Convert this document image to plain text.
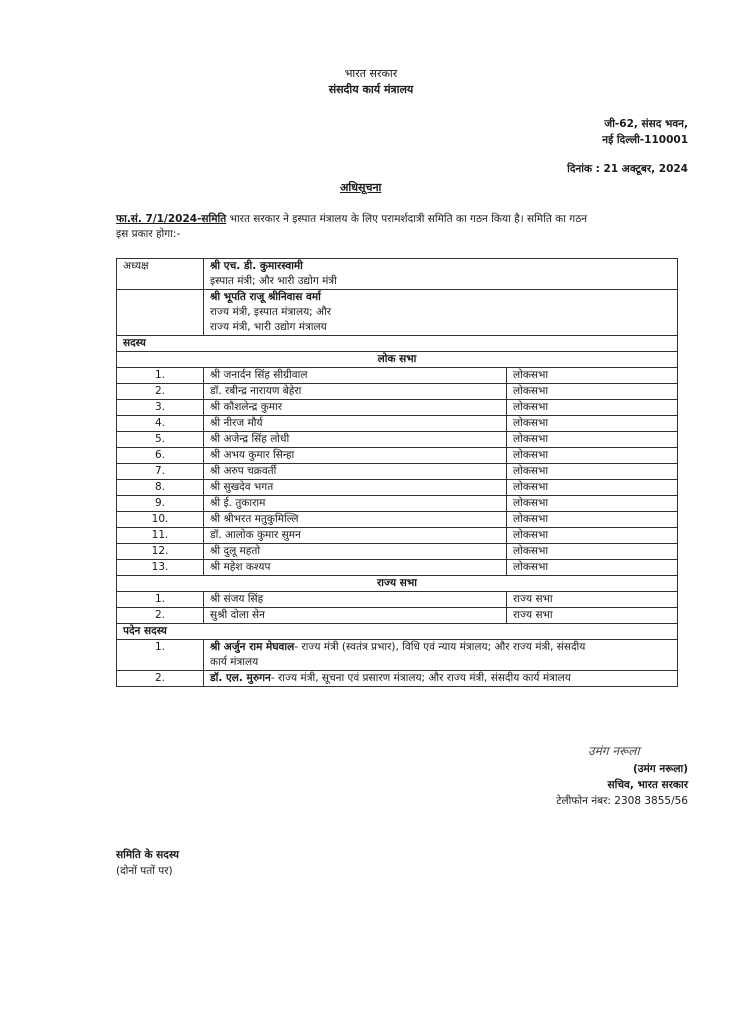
भारत सरकार
संसदीय कार्य मंत्रालय
जी-62, संसद भवन,
नई दिल्ली-110001
दिनांक : 21 अक्टूबर, 2024
अधिसूचना
फा.सं. 7/1/2024-समिति भारत सरकार ने इस्पात मंत्रालय के लिए परामर्शदात्री समिति का गठन किया है। समिति का गठन
इस प्रकार होगा:-
अध्यक्ष	श्री एच. डी. कुमारस्वामी
इस्पात मंत्री; और भारी उद्योग मंत्री	

	श्री भूपति राजू श्रीनिवास वर्मा
राज्य मंत्री, इस्पात मंत्रालय; और
राज्य मंत्री, भारी उद्योग मंत्रालय	

सदस्य		
लोक सभा		
1.	श्री जनार्दन सिंह सीग्रीवाल	लोकसभा
2.	डॉ. रबीन्द्र नारायण बेहेरा	लोकसभा
3.	श्री कौशलेन्द्र कुमार	लोकसभा
4.	श्री नीरज मौर्य	लोकसभा
5.	श्री अजेन्द्र सिंह लोधी	लोकसभा
6.	श्री अभय कुमार सिन्हा	लोकसभा
7.	श्री अरुप चक्रवर्ती	लोकसभा
8.	श्री सुखदेव भगत	लोकसभा
9.	श्री ई. तुकाराम	लोकसभा
10.	श्री श्रीभरत मतुकुमिल्लि	लोकसभा
11.	डॉ. आलोक कुमार सुमन	लोकसभा
12.	श्री दुलू महतो	लोकसभा
13.	श्री महेश कश्यप	लोकसभा
राज्य सभा		
1.	श्री संजय सिंह	राज्य सभा
2.	सुश्री दोला सेन	राज्य सभा
पदेन सदस्य		
1.	श्री अर्जुन राम मेघवाल- राज्य मंत्री (स्वतंत्र प्रभार), विधि एवं न्याय मंत्रालय; और राज्य मंत्री, संसदीय
कार्य मंत्रालय	

2.	डॉ. एल. मुरुगन- राज्य मंत्री, सूचना एवं प्रसारण मंत्रालय; और राज्य मंत्री, संसदीय कार्य मंत्रालय	
उमंग नरूला
(उमंग नरूला)
सचिव, भारत सरकार
टेलीफोन नंबर: 2308 3855/56
समिति के सदस्य
(दोनों पतों पर)
